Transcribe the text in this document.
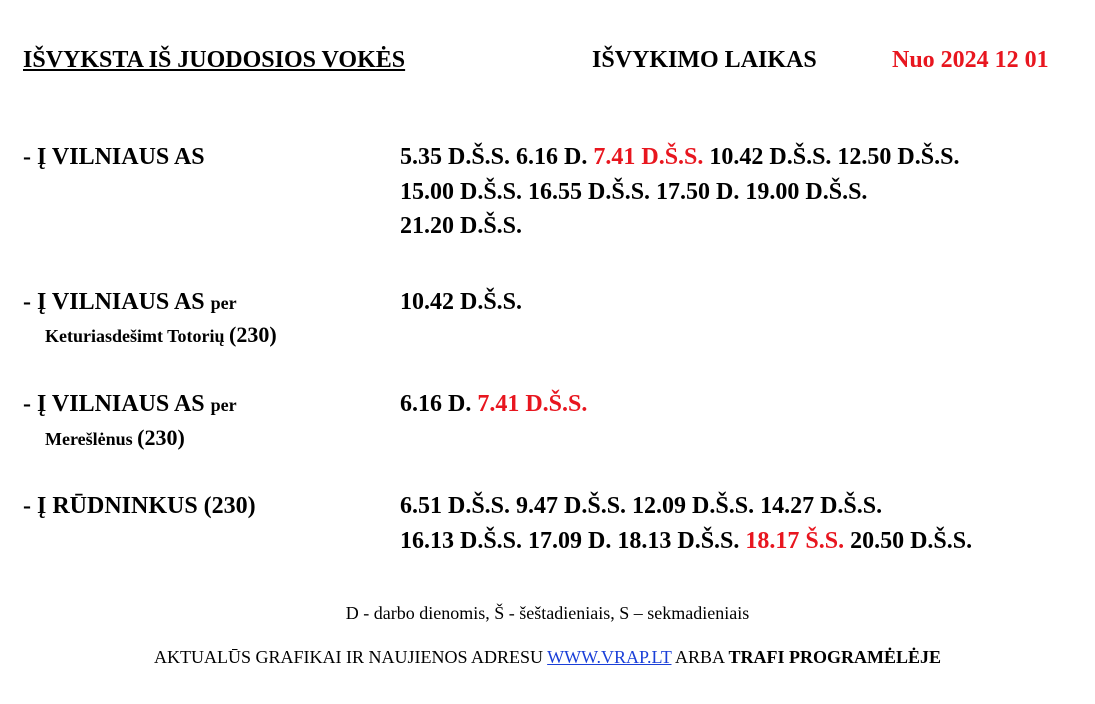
IŠVYKSTA IŠ JUODOSIOS VOKĖS	IŠVYKIMO LAIKAS	Nuo 2024 12 01
- Į VILNIAUS AS	5.35 D.Š.S. 6.16 D. 7.41 D.Š.S. 10.42 D.Š.S. 12.50 D.Š.S.
15.00 D.Š.S. 16.55 D.Š.S. 17.50 D. 19.00 D.Š.S.
21.20 D.Š.S.
- Į VILNIAUS AS per
Keturiasdešimt Totorių (230)
10.42 D.Š.S.
- Į VILNIAUS AS per
Merešlėnus (230)
6.16 D. 7.41 D.Š.S.
- Į RŪDNINKUS (230)	6.51 D.Š.S. 9.47 D.Š.S. 12.09 D.Š.S. 14.27 D.Š.S.
16.13 D.Š.S. 17.09 D. 18.13 D.Š.S. 18.17 Š.S. 20.50 D.Š.S.
D - darbo dienomis, Š - šeštadieniais, S – sekmadieniais
AKTUALŪS GRAFIKAI IR NAUJIENOS ADRESU WWW.VRAP.LT ARBA TRAFI PROGRAMĖLĖJE
